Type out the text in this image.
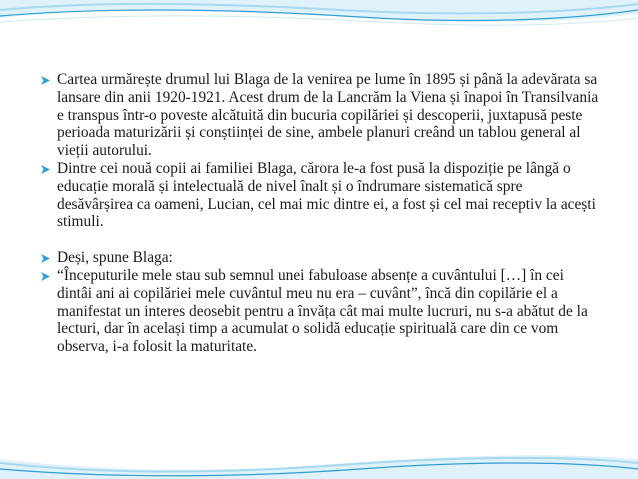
Cartea urmărește drumul lui Blaga de la venirea pe lume în 1895 și până la adevărata sa lansare din anii 1920-1921. Acest drum de la Lancrăm la Viena și înapoi în Transilvania e transpus într-o poveste alcătuită din bucuria copilăriei și descoperii, juxtapusă peste perioada maturizării și conștiinței de sine, ambele planuri creând un tablou general al vieții autorului.
Dintre cei nouă copii ai familiei Blaga, cărora le-a fost pusă la dispoziție pe lângă o educație morală și intelectuală de nivel înalt și o îndrumare sistematică spre desăvârșirea ca oameni, Lucian, cel mai mic dintre ei, a fost și cel mai receptiv la acești stimuli.
Deși, spune Blaga:
“Începuturile mele stau sub semnul unei fabuloase absențe a cuvântului […] în cei dintâi ani ai copilăriei mele cuvântul meu nu era – cuvânt”, încă din copilărie el a manifestat un interes deosebit pentru a învăța cât mai multe lucruri, nu s-a abătut de la lecturi, dar în același timp a acumulat o solidă educație spirituală care din ce vom observa, i-a folosit la maturitate.
